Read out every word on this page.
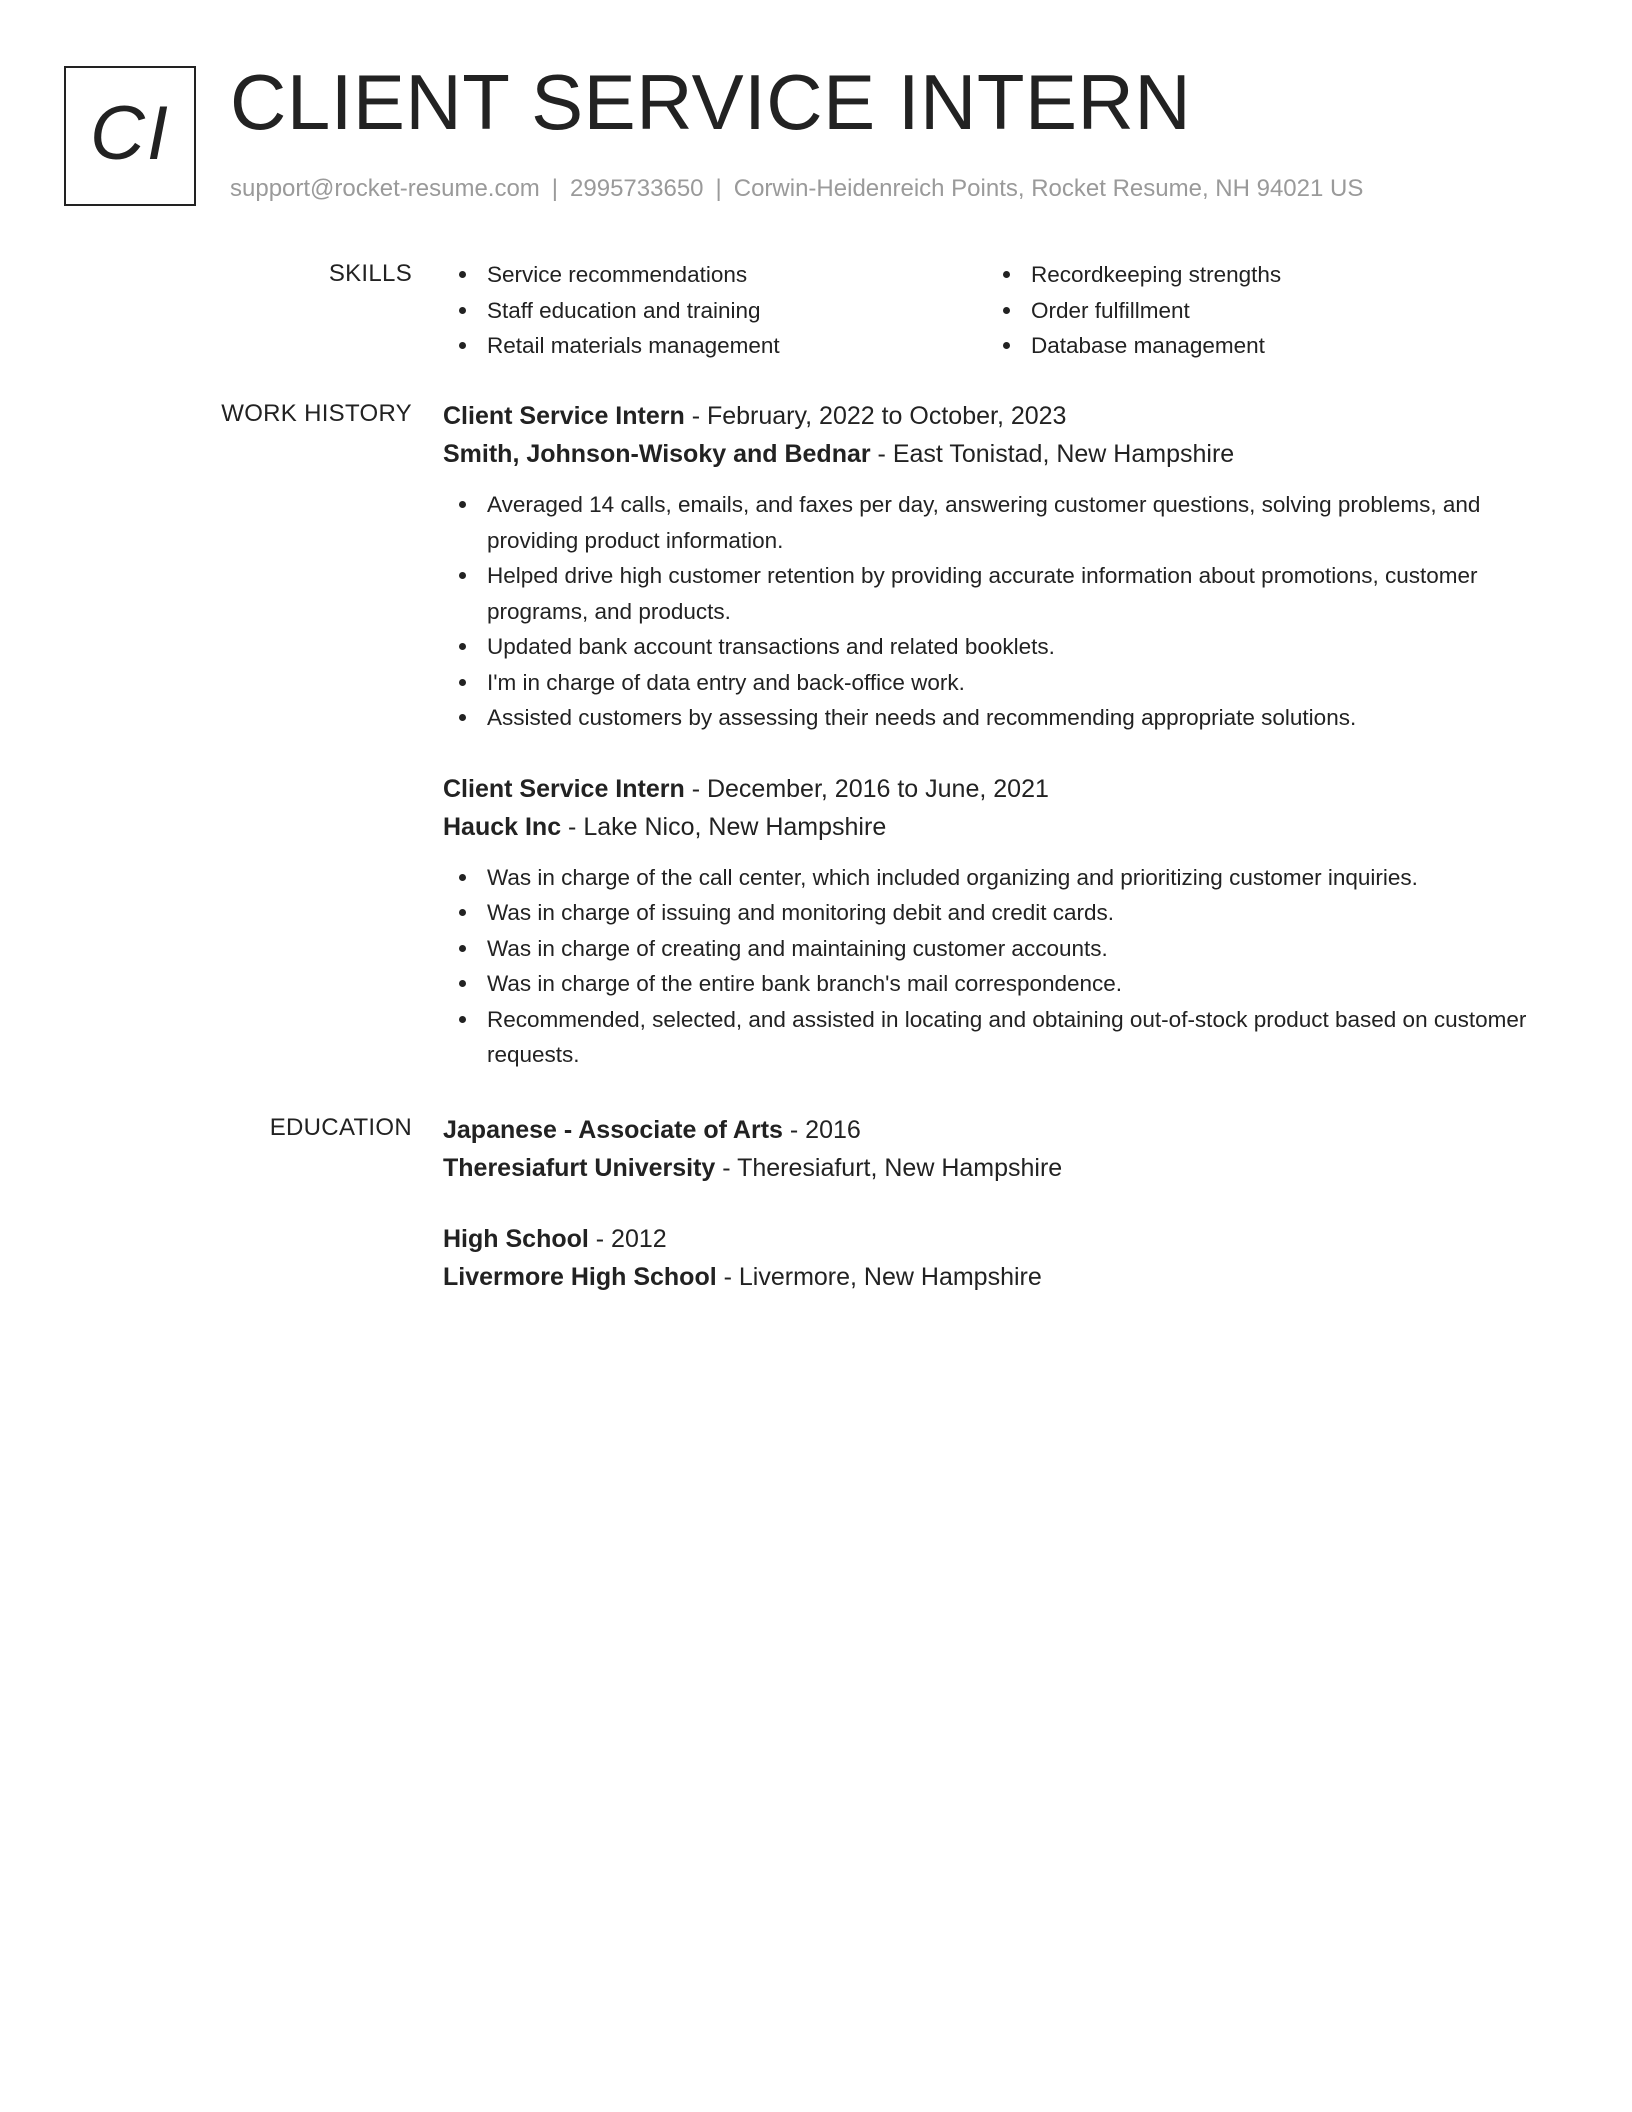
CI CLIENT SERVICE INTERN
support@rocket-resume.com | 2995733650 | Corwin-Heidenreich Points, Rocket Resume, NH 94021 US
SKILLS	Service recommendations
Staff education and training
Retail materials management
Recordkeeping strengths
Order fulfillment
Database management
WORK HISTORY Client Service Intern - February, 2022 to October, 2023
Smith, Johnson-Wisoky and Bednar - East Tonistad, New Hampshire
Averaged 14 calls, emails, and faxes per day, answering customer questions, solving problems, and providing product information.
Helped drive high customer retention by providing accurate information about promotions, customer programs, and products.
Updated bank account transactions and related booklets.
I'm in charge of data entry and back-office work.
Assisted customers by assessing their needs and recommending appropriate solutions.
Client Service Intern - December, 2016 to June, 2021
Hauck Inc - Lake Nico, New Hampshire
Was in charge of the call center, which included organizing and prioritizing customer inquiries.
Was in charge of issuing and monitoring debit and credit cards.
Was in charge of creating and maintaining customer accounts.
Was in charge of the entire bank branch's mail correspondence.
Recommended, selected, and assisted in locating and obtaining out-of-stock product based on customer requests.
EDUCATION Japanese - Associate of Arts - 2016
Theresiafurt University - Theresiafurt, New Hampshire
High School - 2012
Livermore High School - Livermore, New Hampshire
